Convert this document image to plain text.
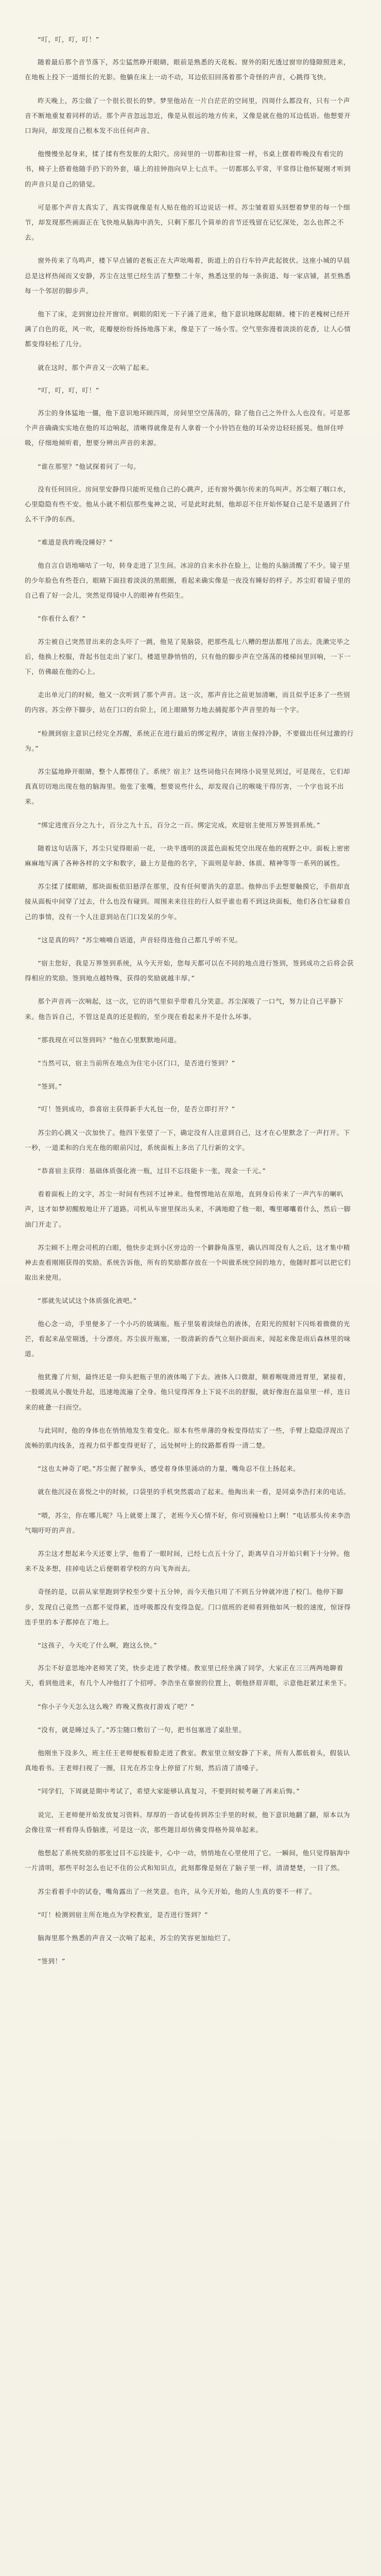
“叮，叮，叮，叮！”

随着最后那个音节落下，苏尘猛然睁开眼睛，眼前是熟悉的天花板。窗外的阳光透过窗帘的缝隙照进来，在地板上投下一道细长的光影。他躺在床上一动不动，耳边依旧回荡着那个奇怪的声音，心跳得飞快。

昨天晚上，苏尘做了一个很长很长的梦。梦里他站在一片白茫茫的空间里，四周什么都没有，只有一个声音不断地重复着同样的话。那个声音忽远忽近，像是从很远的地方传来，又像是就在他的耳边低语。他想要开口询问，却发现自己根本发不出任何声音。

他慢慢坐起身来，揉了揉有些发胀的太阳穴。房间里的一切都和往常一样，书桌上摆着昨晚没有看完的书，椅子上搭着他随手扔下的外套，墙上的挂钟指向早上七点半。一切都那么平常，平常得让他怀疑刚才听到的声音只是自己的错觉。

可是那个声音太真实了，真实得就像是有人贴在他的耳边说话一样。苏尘皱着眉头回想着梦里的每一个细节，却发现那些画面正在飞快地从脑海中消失，只剩下那几个简单的音节还残留在记忆深处，怎么也挥之不去。

窗外传来了鸟鸣声，楼下早点铺的老板正在大声吆喝着，街道上的自行车铃声此起彼伏。这座小城的早晨总是这样热闹而又安静，苏尘在这里已经生活了整整二十年，熟悉这里的每一条街道、每一家店铺，甚至熟悉每一个邻居的脚步声。

他下了床，走到窗边拉开窗帘。刺眼的阳光一下子涌了进来，他下意识地眯起眼睛。楼下的老槐树已经开满了白色的花，风一吹，花瓣便纷纷扬扬地落下来，像是下了一场小雪。空气里弥漫着淡淡的花香，让人心情都变得轻松了几分。

就在这时，那个声音又一次响了起来。

“叮，叮，叮，叮！”

苏尘的身体猛地一僵，他下意识地环顾四周，房间里空空荡荡的，除了他自己之外什么人也没有。可是那个声音确确实实地在他的耳边响起，清晰得就像是有人拿着一个小铃铛在他的耳朵旁边轻轻摇晃。他屏住呼吸，仔细地倾听着，想要分辨出声音的来源。

“谁在那里？”他试探着问了一句。

没有任何回应。房间里安静得只能听见他自己的心跳声，还有窗外偶尔传来的鸟叫声。苏尘咽了咽口水，心里隐隐有些不安。他从小就不相信那些鬼神之说，可是此时此刻，他却忍不住开始怀疑自己是不是遇到了什么不干净的东西。

“难道是我昨晚没睡好？”

他自言自语地嘀咕了一句，转身走进了卫生间。冰凉的自来水扑在脸上，让他的头脑清醒了不少。镜子里的少年脸色有些苍白，眼睛下面挂着淡淡的黑眼圈，看起来确实像是一夜没有睡好的样子。苏尘盯着镜子里的自己看了好一会儿，突然觉得镜中人的眼神有些陌生。

“你看什么看？”

苏尘被自己突然冒出来的念头吓了一跳，他晃了晃脑袋，把那些乱七八糟的想法都甩了出去。洗漱完毕之后，他换上校服，背起书包走出了家门。楼道里静悄悄的，只有他的脚步声在空荡荡的楼梯间里回响，一下一下，仿佛敲在他的心上。

走出单元门的时候，他又一次听到了那个声音。这一次，那声音比之前更加清晰，而且似乎还多了一些别的内容。苏尘停下脚步，站在门口的台阶上，闭上眼睛努力地去捕捉那个声音里的每一个字。

“检测到宿主意识已经完全苏醒，系统正在进行最后的绑定程序，请宿主保持冷静，不要做出任何过激的行为。”

苏尘猛地睁开眼睛，整个人都愣住了。系统？宿主？这些词他只在网络小说里见到过，可是现在，它们却真真切切地出现在他的脑海里。他张了张嘴，想要说些什么，却发现自己的喉咙干得厉害，一个字也说不出来。

“绑定进度百分之九十，百分之九十五，百分之一百。绑定完成，欢迎宿主使用万界签到系统。”

随着这句话落下，苏尘只觉得眼前一花，一块半透明的淡蓝色面板凭空出现在他的视野之中。面板上密密麻麻地写满了各种各样的文字和数字，最上方是他的名字，下面则是年龄、体质、精神等等一系列的属性。

苏尘揉了揉眼睛，那块面板依旧悬浮在那里，没有任何要消失的意思。他伸出手去想要触摸它，手指却直接从面板中间穿了过去，什么也没有碰到。周围来来往往的行人似乎谁也看不到这块面板，他们各自忙碌着自己的事情，没有一个人注意到站在门口发呆的少年。

“这是真的吗？”苏尘喃喃自语道，声音轻得连他自己都几乎听不见。

“宿主您好，我是万界签到系统，从今天开始，您每天都可以在不同的地点进行签到，签到成功之后将会获得相应的奖励。签到地点越特殊，获得的奖励就越丰厚。”

那个声音再一次响起，这一次，它的语气里似乎带着几分笑意。苏尘深吸了一口气，努力让自己平静下来。他告诉自己，不管这是真的还是假的，至少现在看起来并不是什么坏事。

“那我现在可以签到吗？”他在心里默默地问道。

“当然可以，宿主当前所在地点为住宅小区门口，是否进行签到？”

“签到。”

“叮！签到成功，恭喜宿主获得新手大礼包一份，是否立即打开？”

苏尘的心跳又一次加快了。他四下张望了一下，确定没有人注意到自己，这才在心里默念了一声打开。下一秒，一道柔和的白光在他的眼前闪过，系统面板上多出了几行新的文字。

“恭喜宿主获得：基础体质强化液一瓶，过目不忘技能卡一张，现金一千元。”

看着面板上的文字，苏尘一时间有些回不过神来。他愣愣地站在原地，直到身后传来了一声汽车的喇叭声，这才如梦初醒般地让开了道路。司机从车窗里探出头来，不满地瞪了他一眼，嘴里嘟囔着什么，然后一脚油门开走了。

苏尘顾不上理会司机的白眼，他快步走到小区旁边的一个僻静角落里，确认四周没有人之后，这才集中精神去查看刚刚获得的奖励。系统告诉他，所有的奖励都存放在一个叫做系统空间的地方，他随时都可以把它们取出来使用。

“那就先试试这个体质强化液吧。”

他心念一动，手里便多了一个小巧的玻璃瓶。瓶子里装着淡绿色的液体，在阳光的照射下闪烁着微微的光芒，看起来晶莹剔透，十分漂亮。苏尘拔开瓶塞，一股清新的香气立刻扑面而来，闻起来像是雨后森林里的味道。

他犹豫了片刻，最终还是一仰头把瓶子里的液体喝了下去。液体入口微甜，顺着喉咙滑进胃里，紧接着，一股暖流从小腹处升起，迅速地流遍了全身。他只觉得浑身上下说不出的舒服，就好像泡在温泉里一样，连日来的疲惫一扫而空。

与此同时，他的身体也在悄悄地发生着变化。原本有些单薄的身板变得结实了一些，手臂上隐隐浮现出了流畅的肌肉线条，连视力似乎都变得更好了，远处树叶上的纹路都看得一清二楚。

“这也太神奇了吧。”苏尘握了握拳头，感受着身体里涌动的力量，嘴角忍不住上扬起来。

就在他沉浸在喜悦之中的时候，口袋里的手机突然震动了起来。他掏出来一看，是同桌李浩打来的电话。

“喂，苏尘，你在哪儿呢？马上就要上课了，老班今天心情不好，你可别撞枪口上啊！”电话那头传来李浩气喘吁吁的声音。

苏尘这才想起来今天还要上学，他看了一眼时间，已经七点五十分了，距离早自习开始只剩下十分钟。他来不及多想，挂掉电话之后便朝着学校的方向飞奔而去。

奇怪的是，以前从家里跑到学校至少要十五分钟，而今天他只用了不到五分钟就冲进了校门。他停下脚步，发现自己竟然一点都不觉得累，连呼吸都没有变得急促。门口值班的老师看到他如风一般的速度，惊讶得连手里的本子都掉在了地上。

“这孩子，今天吃了什么啊，跑这么快。”

苏尘不好意思地冲老师笑了笑，快步走进了教学楼。教室里已经坐满了同学，大家正在三三两两地聊着天，看到他进来，有几个人冲他打了个招呼。李浩坐在靠窗的位置上，朝他挤眉弄眼，示意他赶紧过来坐下。

“你小子今天怎么这么晚？昨晚又熬夜打游戏了吧？”

“没有，就是睡过头了。”苏尘随口敷衍了一句，把书包塞进了桌肚里。

他刚坐下没多久，班主任王老师便板着脸走进了教室。教室里立刻安静了下来，所有人都低着头，假装认真地看书。王老师扫视了一圈，目光在苏尘身上停留了片刻，然后清了清嗓子。

“同学们，下周就是期中考试了，希望大家能够认真复习，不要到时候考砸了再来后悔。”

说完，王老师便开始发放复习资料。厚厚的一沓试卷传到苏尘手里的时候，他下意识地翻了翻，原本以为会像往常一样看得头昏脑涨，可是这一次，那些题目却仿佛变得格外简单起来。

他想起了系统奖励的那张过目不忘技能卡，心中一动，悄悄地在心里使用了它。一瞬间，他只觉得脑海中一片清明，那些平时怎么也记不住的公式和知识点，此刻都像是刻在了脑子里一样，清清楚楚，一目了然。

苏尘看着手中的试卷，嘴角露出了一丝笑意。也许，从今天开始，他的人生真的要不一样了。

“叮！检测到宿主所在地点为学校教室，是否进行签到？”

脑海里那个熟悉的声音又一次响了起来，苏尘的笑容更加灿烂了。

“签到！”
